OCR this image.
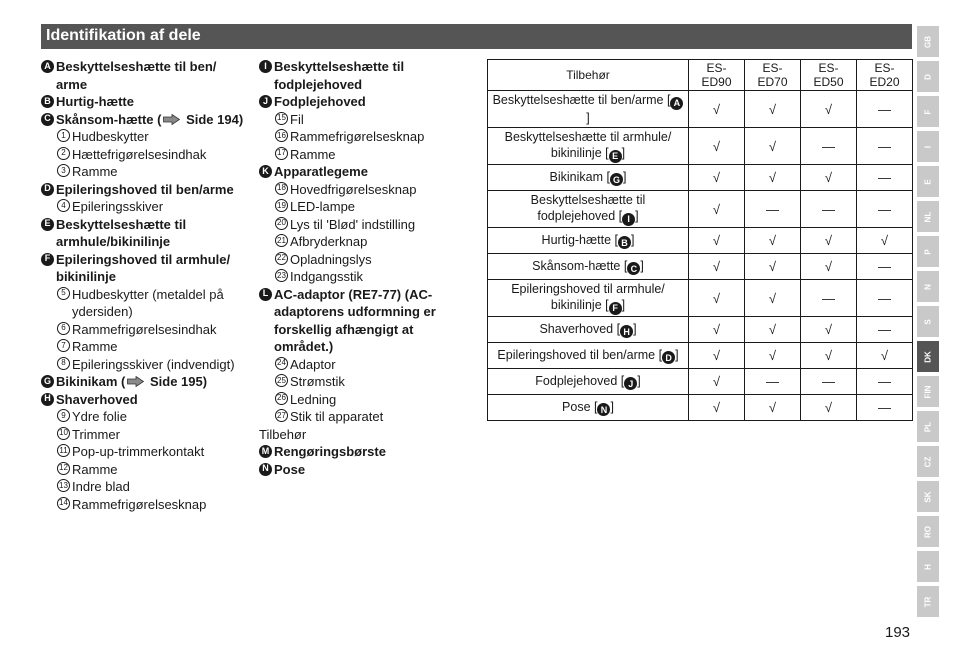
Identifikation af dele
A Beskyttelseshætte til ben/ arme
B Hurtig-hætte
C Skånsom-hætte ( Side 194)
1 Hudbeskytter
2 Hættefrigørelsesindhak
3 Ramme
D Epileringshoved til ben/arme
4 Epileringsskiver
E Beskyttelseshætte til armhule/bikinilinje
F Epileringshoved til armhule/ bikinilinje
5 Hudbeskytter (metaldel på ydersiden)
6 Rammefrigørelsesindhak
7 Ramme
8 Epileringsskiver (indvendigt)
G Bikinikam ( Side 195)
H Shaverhoved
9 Ydre folie
10 Trimmer
11 Pop-up-trimmerkontakt
12 Ramme
13 Indre blad
14 Rammefrigørelsesknap
I Beskyttelseshætte til fodplejehoved
J Fodplejehoved
15 Fil
16 Rammefrigørelsesknap
17 Ramme
K Apparatlegeme
18 Hovedfrigørelsesknap
19 LED-lampe
20 Lys til 'Blød' indstilling
21 Afbryderknap
22 Opladningslys
23 Indgangsstik
L AC-adaptor (RE7-77) (AC-adaptorens udformning er forskellig afhængigt at området.)
24 Adaptor
25 Strømstik
26 Ledning
27 Stik til apparatet
Tilbehør
M Rengøringsbørste
N Pose
Tilbehør	ES-ED90	ES-ED70	ES-ED50	ES-ED20
Beskyttelseshætte til ben/arme [ A]	√	√	√	—
Beskyttelseshætte til armhule/ bikinilinje [ E ]	√	√	—	—
Bikinikam [ G ]	√	√	√	—
Beskyttelseshætte til fodplejehoved [ I ]	√	—	—	—
Hurtig-hætte [ B ]	√	√	√	√
Skånsom-hætte [ C ]	√	√	√	—
Epileringshoved til armhule/ bikinilinje [ F ]	√	√	—	—
Shaverhoved [ H ]	√	√	√	—
Epileringshoved til ben/arme [ D ]	√	√	√	√
Fodplejehoved [ J ]	√	—	—	—
Pose [ N ]	√	√	√	—
GB
D
F
I
E
NL
P
N
S
DK
FIN
PL
CZ
SK
RO
H
TR
193
